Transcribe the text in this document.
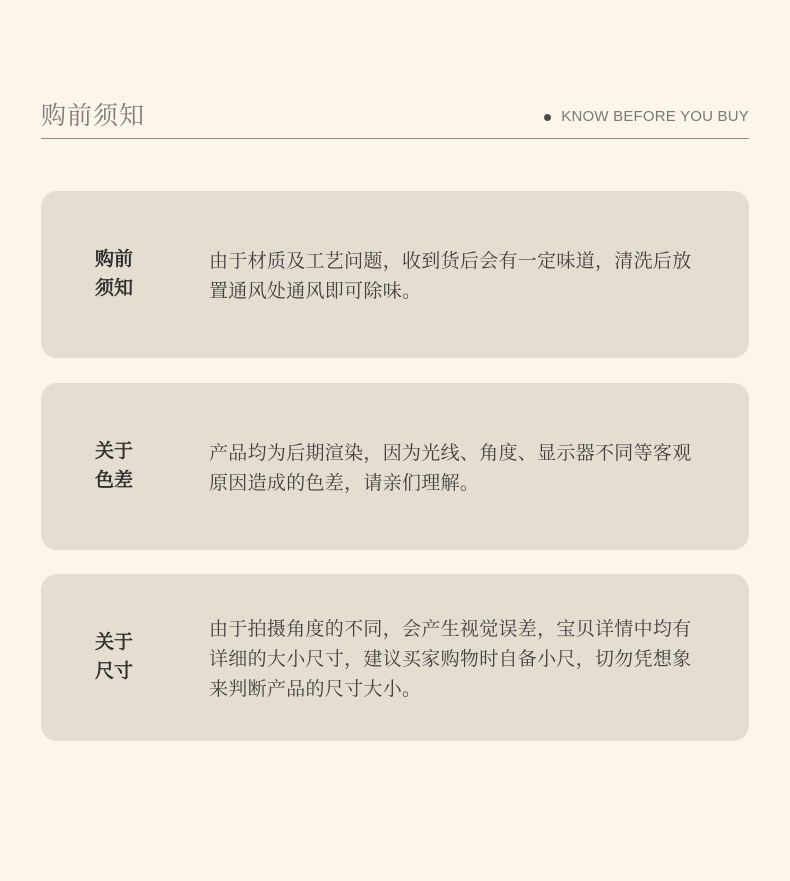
购前须知	KNOW BEFORE YOU BUY
购前
须知
由于材质及工艺问题，收到货后会有一定味道，清洗后放置通风处通风即可除味。
关于
色差
产品均为后期渲染，因为光线、角度、显示器不同等客观原因造成的色差，请亲们理解。
关于
尺寸
由于拍摄角度的不同，会产生视觉误差，宝贝详情中均有详细的大小尺寸，建议买家购物时自备小尺，切勿凭想象来判断产品的尺寸大小。
